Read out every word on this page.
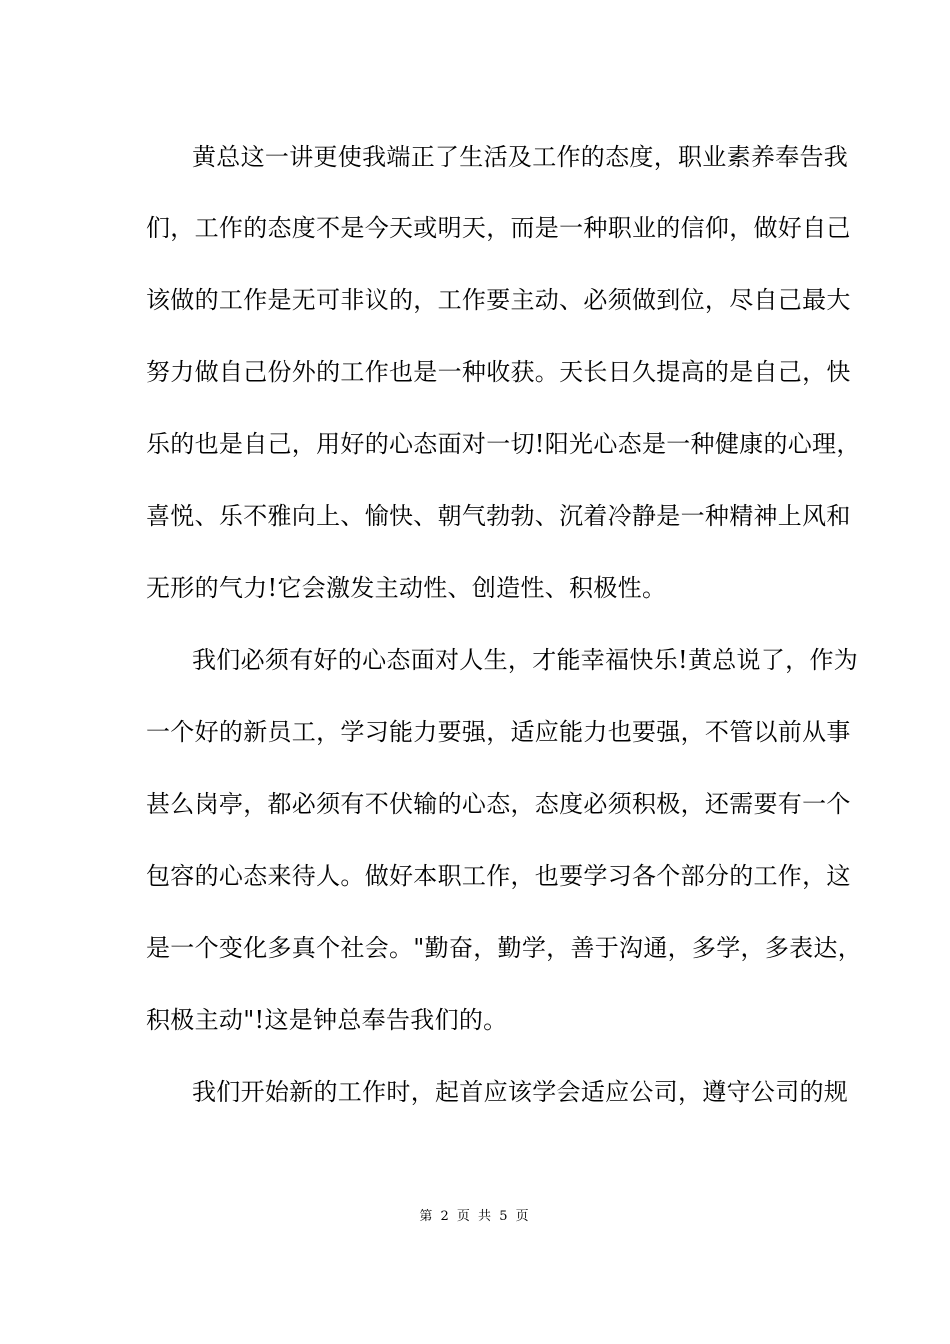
黄总这一讲更使我端正了生活及工作的态度，职业素养奉告我
们，工作的态度不是今天或明天，而是一种职业的信仰，做好自己
该做的工作是无可非议的，工作要主动、必须做到位，尽自己最大
努力做自己份外的工作也是一种收获。天长日久提高的是自己，快
乐的也是自己，用好的心态面对一切!阳光心态是一种健康的心理，
喜悦、乐不雅向上、愉快、朝气勃勃、沉着冷静是一种精神上风和
无形的气力!它会激发主动性、创造性、积极性。
我们必须有好的心态面对人生，才能幸福快乐!黄总说了，作为
一个好的新员工，学习能力要强，适应能力也要强，不管以前从事
甚么岗亭，都必须有不伏输的心态，态度必须积极，还需要有一个
包容的心态来待人。做好本职工作，也要学习各个部分的工作，这
是一个变化多真个社会。"勤奋，勤学，善于沟通，多学，多表达，
积极主动"!这是钟总奉告我们的。
我们开始新的工作时，起首应该学会适应公司，遵守公司的规
第 2 页 共 5 页
